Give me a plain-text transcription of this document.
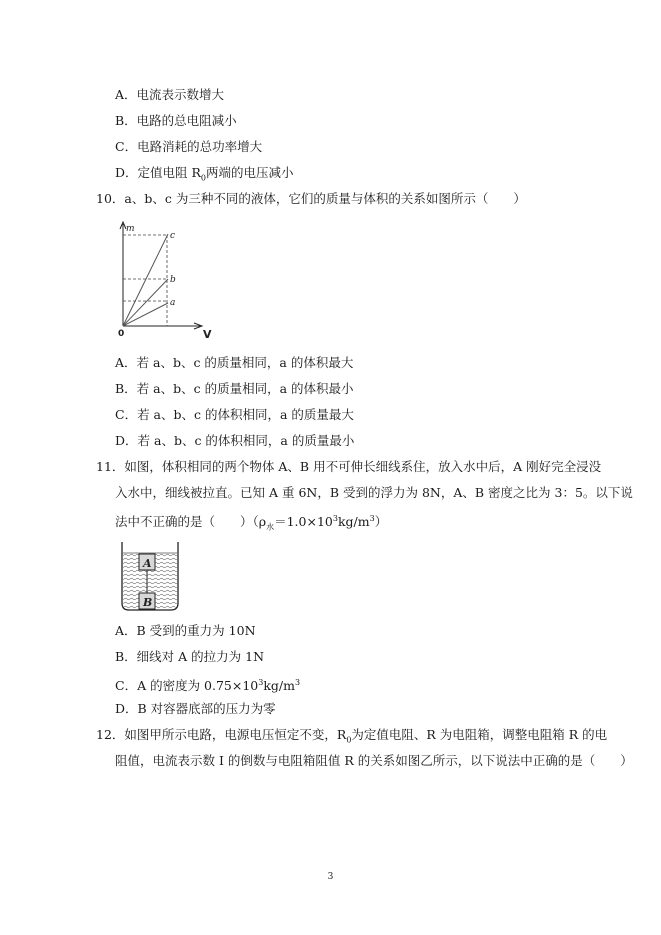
A．电流表示数增大
B．电路的总电阻减小
C．电路消耗的总功率增大
D．定值电阻 $R_0$两端的电压减小
10．a、b、c 为三种不同的液体，它们的质量与体积的关系如图所示（　　）
m
c
b
a
0	V
A．若 a、b、c 的质量相同，a 的体积最大
B．若 a、b、c 的质量相同，a 的体积最小
C．若 a、b、c 的体积相同，a 的质量最大
D．若 a、b、c 的体积相同，a 的质量最小
11．如图，体积相同的两个物体 A、B 用不可伸长细线系住，放入水中后，A 刚好完全浸没
入水中，细线被拉直。已知 A 重 6N，B 受到的浮力为 8N，A、B 密度之比为 3：5。以下说
法中不正确的是（　　）$(\rho_水=1.0\times 10^3kg/m^3)$
A
B
A．B 受到的重力为 10N
B．细线对 A 的拉力为 1N
C．A 的密度为 $0.75\times 10^3kg/m^3$
D．B 对容器底部的压力为零
12．如图甲所示电路，电源电压恒定不变，$R_0$为定值电阻、R 为电阻箱，调整电阻箱 R 的电
阻值，电流表示数 I 的倒数与电阻箱阻值 R 的关系如图乙所示，以下说法中正确的是（　　）
3
